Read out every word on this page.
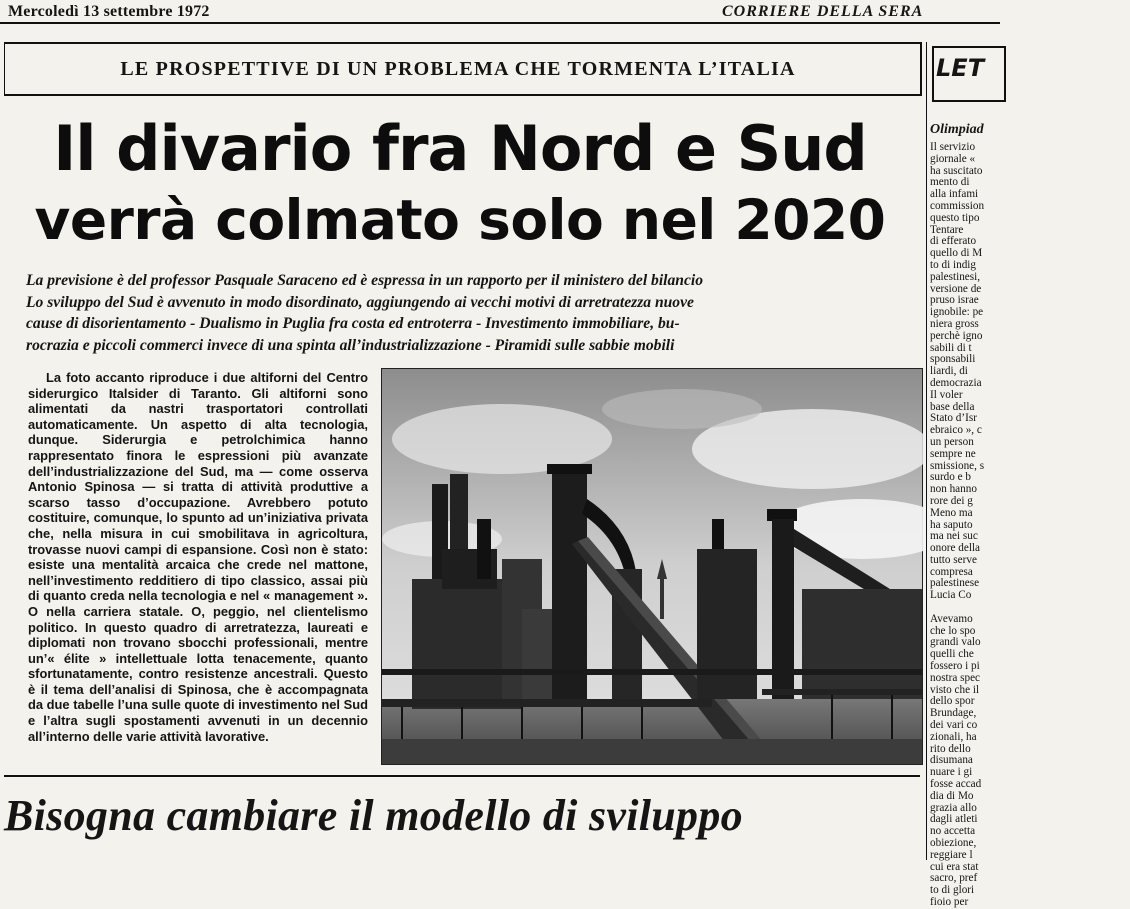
Mercoledì 13 settembre 1972	CORRIERE DELLA SERA
LE PROSPETTIVE DI UN PROBLEMA CHE TORMENTA L’ITALIA
Il divario fra Nord e Sud
verrà colmato solo nel 2020
La previsione è del professor Pasquale Saraceno ed è espressa in un rapporto per il ministero del bilancio
Lo sviluppo del Sud è avvenuto in modo disordinato, aggiungendo ai vecchi motivi di arretratezza nuove
cause di disorientamento - Dualismo in Puglia fra costa ed entroterra - Investimento immobiliare, bu-
rocrazia e piccoli commerci invece di una spinta all’industrializzazione - Piramidi sulle sabbie mobili

La foto accanto riproduce i due altiforni del Centro siderurgico Italsider di Taranto. Gli altiforni sono alimentati da nastri trasportatori controllati automaticamente. Un aspetto di alta tecnologia, dunque. Siderurgia e petrolchimica hanno rappresentato finora le espressioni più avanzate dell’industrializzazione del Sud, ma — come osserva Antonio Spinosa — si tratta di attività produttive a scarso tasso d’occupazione. Avrebbero potuto costituire, comunque, lo spunto ad un’iniziativa privata che, nella misura in cui smobilitava in agricoltura, trovasse nuovi campi di espansione. Così non è stato: esiste una mentalità arcaica che crede nel mattone, nell’investimento redditiero di tipo classico, assai più di quanto creda nella tecnologia e nel « management ». O nella carriera statale. O, peggio, nel clientelismo politico. In questo quadro di arretratezza, laureati e diplomati non trovano sbocchi professionali, mentre un’« élite » intellettuale lotta tenacemente, quanto sfortunatamente, contro resistenze ancestrali. Questo è il tema dell’analisi di Spinosa, che è accompagnata da due tabelle l’una sulle quote di investimento nel Sud e l’altra sugli spostamenti avvenuti in un decennio all’interno delle varie attività lavorative.

Bisogna cambiare il modello di sviluppo
LET
Olimpiad
Il servizio
giornale «
ha suscitato
mento di
alla infami
commission
questo tipo
Tentare
di efferato
quello di M
to di indig
palestinesi,
versione de
pruso israe
ignobile: pe
niera gross
perchè igno
sabili di t
sponsabili
liardi, di
democrazia
Il voler
base della
Stato d’Isr
ebraico », c
un person
sempre ne
smissione, s
surdo e b
non hanno
rore dei g
Meno ma
ha saputo
ma nei suc
onore della
tutto serve
compresa
palestinese
Lucia Co
Avevamo
che lo spo
grandi valo
quelli che
fossero i pi
nostra spec
visto che il
dello spor
Brundage,
dei vari co
zionali, ha
rito dello
disumana
nuare i gi
fosse accad
dia di Mo
grazia allo
dagli atleti
no accetta
obiezione,
reggiare l
cui era stat
sacro, pref
to di glori
fioio per
